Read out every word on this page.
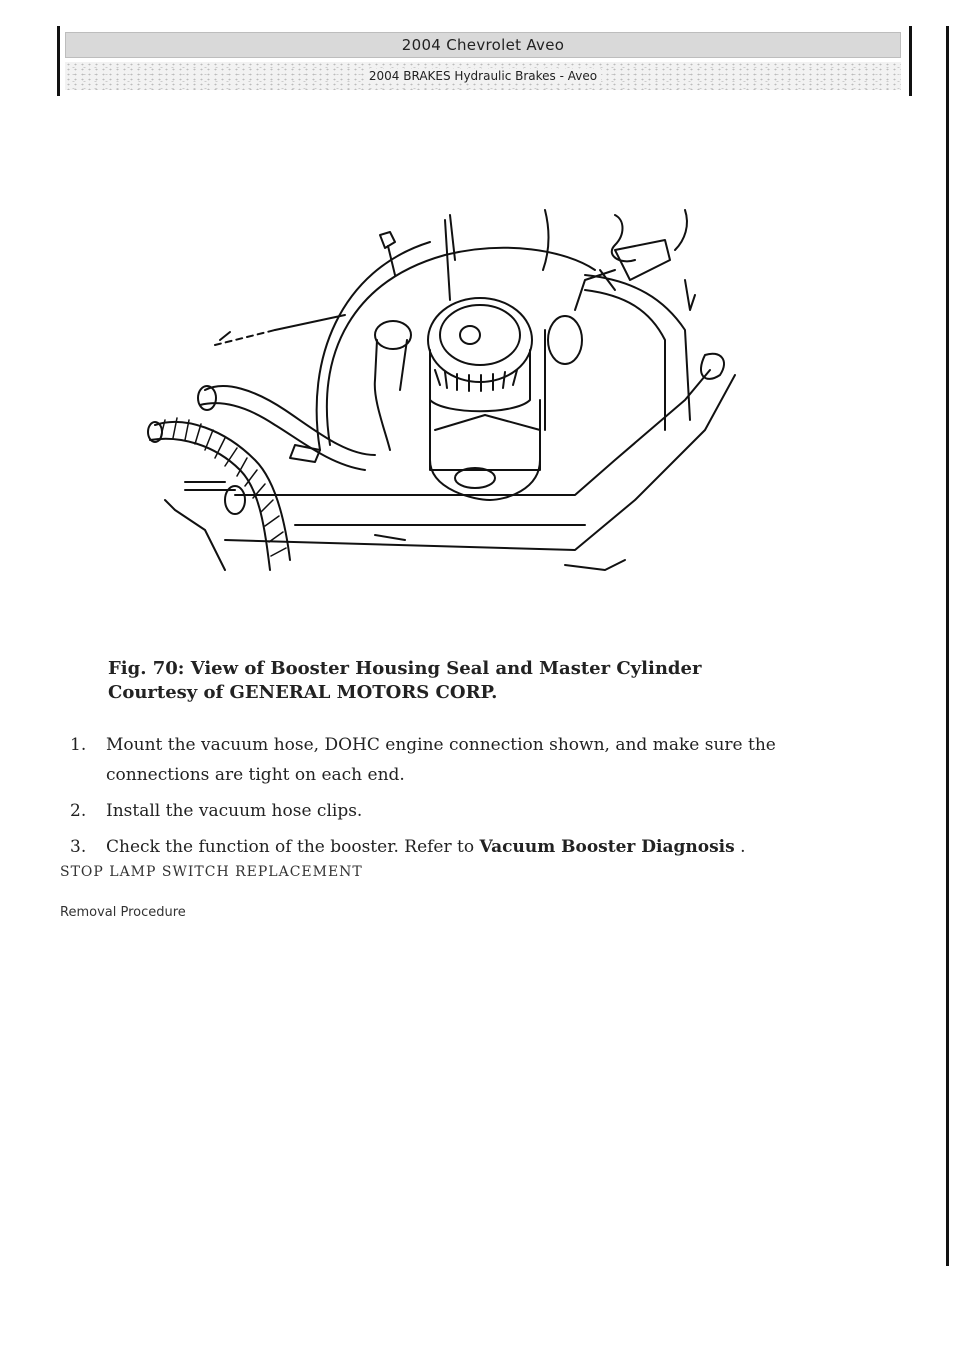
2004 Chevrolet Aveo
2004 BRAKES Hydraulic Brakes - Aveo
Fig. 70: View of Booster Housing Seal and Master Cylinder
Courtesy of GENERAL MOTORS CORP.
1. Mount the vacuum hose, DOHC engine connection shown, and make sure the connections are tight on each end.
2. Install the vacuum hose clips.
3. Check the function of the booster. Refer to Vacuum Booster Diagnosis .
STOP LAMP SWITCH REPLACEMENT
Removal Procedure
